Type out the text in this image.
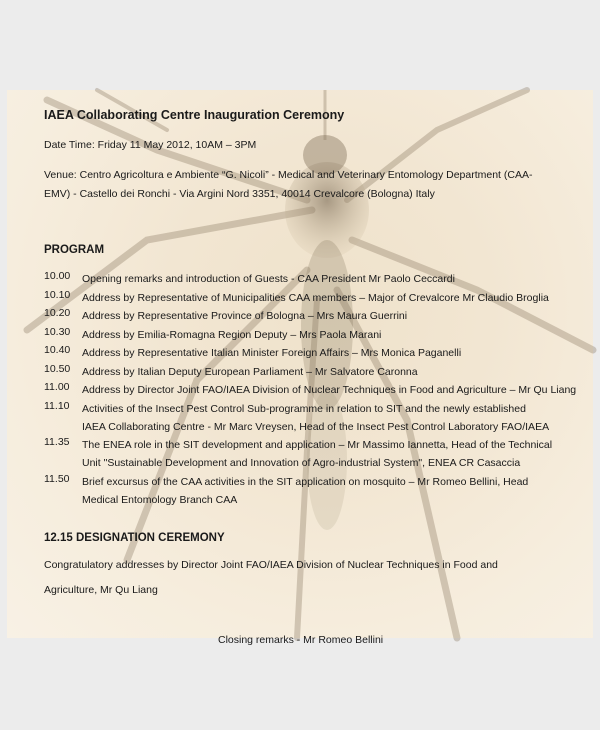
IAEA Collaborating Centre Inauguration Ceremony
Date Time: Friday 11 May 2012, 10AM – 3PM
Venue: Centro Agricoltura e Ambiente “G. Nicoli” - Medical and Veterinary Entomology Department (CAA-
EMV) - Castello dei Ronchi - Via Argini Nord 3351, 40014 Crevalcore (Bologna) Italy
PROGRAM
10.00 Opening remarks and introduction of Guests - CAA President Mr Paolo Ceccardi
10.10 Address by Representative of Municipalities CAA members – Major of Crevalcore Mr Claudio Broglia
10.20 Address by Representative Province of Bologna – Mrs Maura Guerrini
10.30 Address by Emilia-Romagna Region Deputy – Mrs Paola Marani
10.40 Address by Representative Italian Minister Foreign Affairs – Mrs Monica Paganelli
10.50 Address by Italian Deputy European Parliament – Mr Salvatore Caronna
11.00 Address by Director Joint FAO/IAEA Division of Nuclear Techniques in Food and Agriculture – Mr Qu Liang
11.10 Activities of the Insect Pest Control Sub-programme in relation to SIT and the newly established
IAEA Collaborating Centre - Mr Marc Vreysen, Head of the Insect Pest Control Laboratory FAO/IAEA
11.35 The ENEA role in the SIT development and application – Mr Massimo Iannetta, Head of the Technical
Unit "Sustainable Development and Innovation of Agro-industrial System", ENEA CR Casaccia
11.50 Brief excursus of the CAA activities in the SIT application on mosquito – Mr Romeo Bellini, Head
Medical Entomology Branch CAA
12.15 DESIGNATION CEREMONY
Congratulatory addresses by Director Joint FAO/IAEA Division of Nuclear Techniques in Food and
Agriculture, Mr Qu Liang
Closing remarks - Mr Romeo Bellini
